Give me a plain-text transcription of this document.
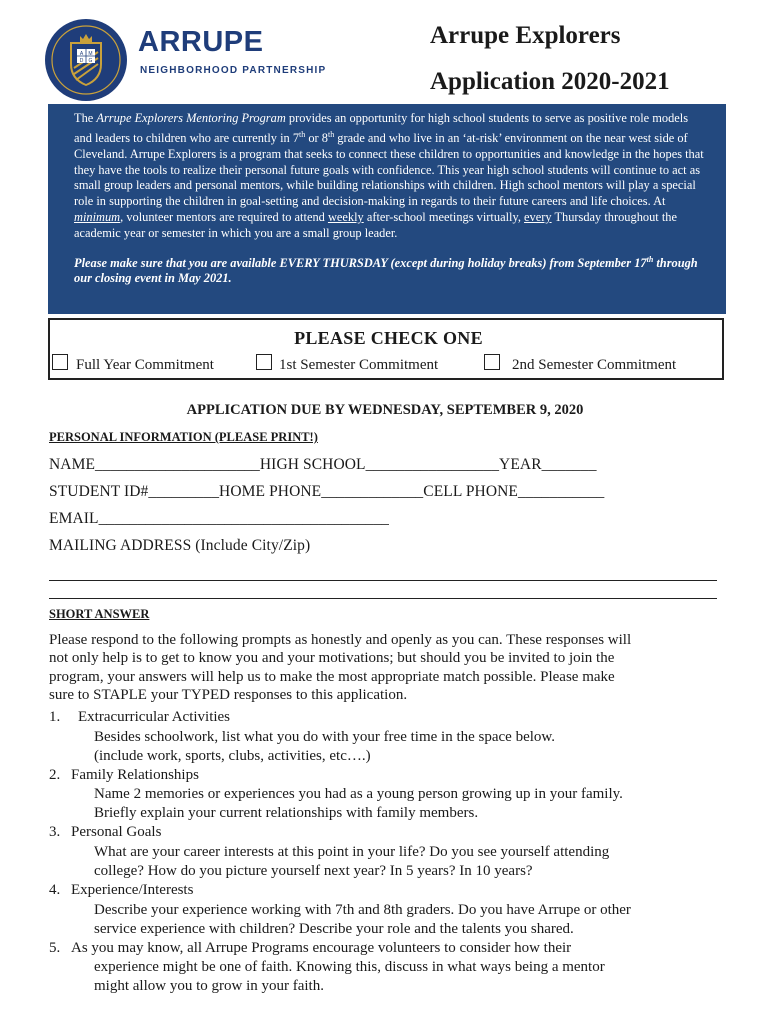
A M
D G
ARRUPE
NEIGHBORHOOD PARTNERSHIP
Arrupe Explorers
Application 2020-2021

The Arrupe Explorers Mentoring Program provides an opportunity for high school students to serve as positive role models and leaders to children who are currently in 7th or 8th grade and who live in an ‘at-risk’ environment on the near west side of Cleveland. Arrupe Explorers is a program that seeks to connect these children to opportunities and knowledge in the hopes that they have the tools to realize their personal future goals with confidence. This year high school students will continue to act as small group leaders and personal mentors, while building relationships with children. High school mentors will play a special role in supporting the children in goal-setting and decision-making in regards to their future careers and life choices. At minimum, volunteer mentors are required to attend weekly after-school meetings virtually, every Thursday throughout the academic year or semester in which you are a small group leader.

Please make sure that you are available EVERY THURSDAY (except during holiday breaks) from September 17th through our closing event in May 2021.

PLEASE CHECK ONE
Full Year Commitment	1st Semester Commitment	2nd Semester Commitment
APPLICATION DUE BY WEDNESDAY, SEPTEMBER 9, 2020
PERSONAL INFORMATION (PLEASE PRINT!)
NAME_____________________HIGH SCHOOL_________________YEAR_______
STUDENT ID#_________HOME PHONE_____________CELL PHONE___________
EMAIL_____________________________________
MAILING ADDRESS (Include City/Zip)
SHORT ANSWER

Please respond to the following prompts as honestly and openly as you can. These responses will

not only help is to get to know you and your motivations; but should you be invited to join the

program, your answers will help us to make the most appropriate match possible. Please make

sure to STAPLE your TYPED responses to this application.

1. Extracurricular Activities
Besides schoolwork, list what you do with your free time in the space below.
(include work, sports, clubs, activities, etc….)
2. Family Relationships
Name 2 memories or experiences you had as a young person growing up in your family.
Briefly explain your current relationships with family members.
3. Personal Goals
What are your career interests at this point in your life? Do you see yourself attending
college? How do you picture yourself next year? In 5 years? In 10 years?
4. Experience/Interests
Describe your experience working with 7th and 8th graders. Do you have Arrupe or other
service experience with children? Describe your role and the talents you shared.
5. As you may know, all Arrupe Programs encourage volunteers to consider how their
experience might be one of faith. Knowing this, discuss in what ways being a mentor
might allow you to grow in your faith.
